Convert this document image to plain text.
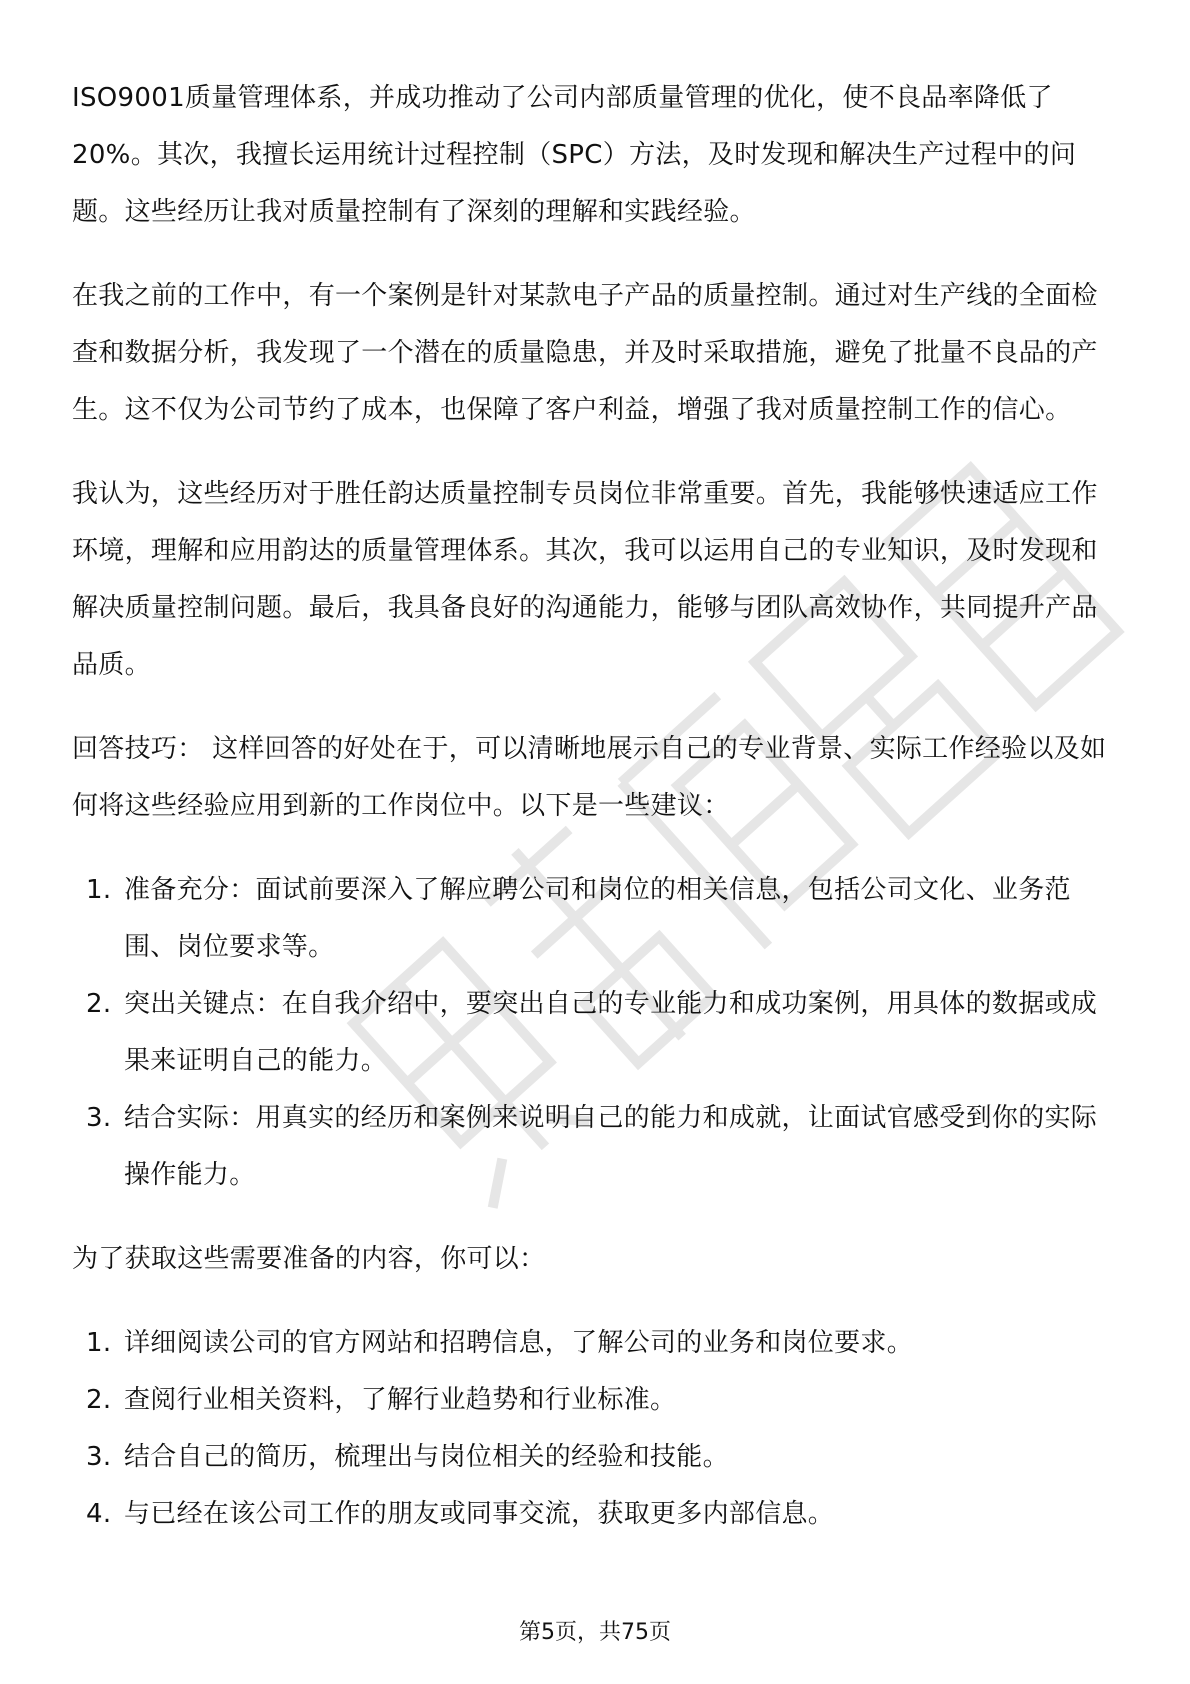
ISO9001质量管理体系，并成功推动了公司内部质量管理的优化，使不良品率降低了20%。其次，我擅长运用统计过程控制（SPC）方法，及时发现和解决生产过程中的问题。这些经历让我对质量控制有了深刻的理解和实践经验。

在我之前的工作中，有一个案例是针对某款电子产品的质量控制。通过对生产线的全面检查和数据分析，我发现了一个潜在的质量隐患，并及时采取措施，避免了批量不良品的产生。这不仅为公司节约了成本，也保障了客户利益，增强了我对质量控制工作的信心。

我认为，这些经历对于胜任韵达质量控制专员岗位非常重要。首先，我能够快速适应工作环境，理解和应用韵达的质量管理体系。其次，我可以运用自己的专业知识，及时发现和解决质量控制问题。最后，我具备良好的沟通能力，能够与团队高效协作，共同提升产品品质。

回答技巧： 这样回答的好处在于，可以清晰地展示自己的专业背景、实际工作经验以及如何将这些经验应用到新的工作岗位中。以下是一些建议：

1. 准备充分：面试前要深入了解应聘公司和岗位的相关信息，包括公司文化、业务范围、岗位要求等。
2. 突出关键点：在自我介绍中，要突出自己的专业能力和成功案例，用具体的数据或成果来证明自己的能力。
3. 结合实际：用真实的经历和案例来说明自己的能力和成就，让面试官感受到你的实际操作能力。

为了获取这些需要准备的内容，你可以：

1. 详细阅读公司的官方网站和招聘信息，了解公司的业务和岗位要求。
2. 查阅行业相关资料，了解行业趋势和行业标准。
3. 结合自己的简历，梳理出与岗位相关的经验和技能。
4. 与已经在该公司工作的朋友或同事交流，获取更多内部信息。
第5页，共75页
